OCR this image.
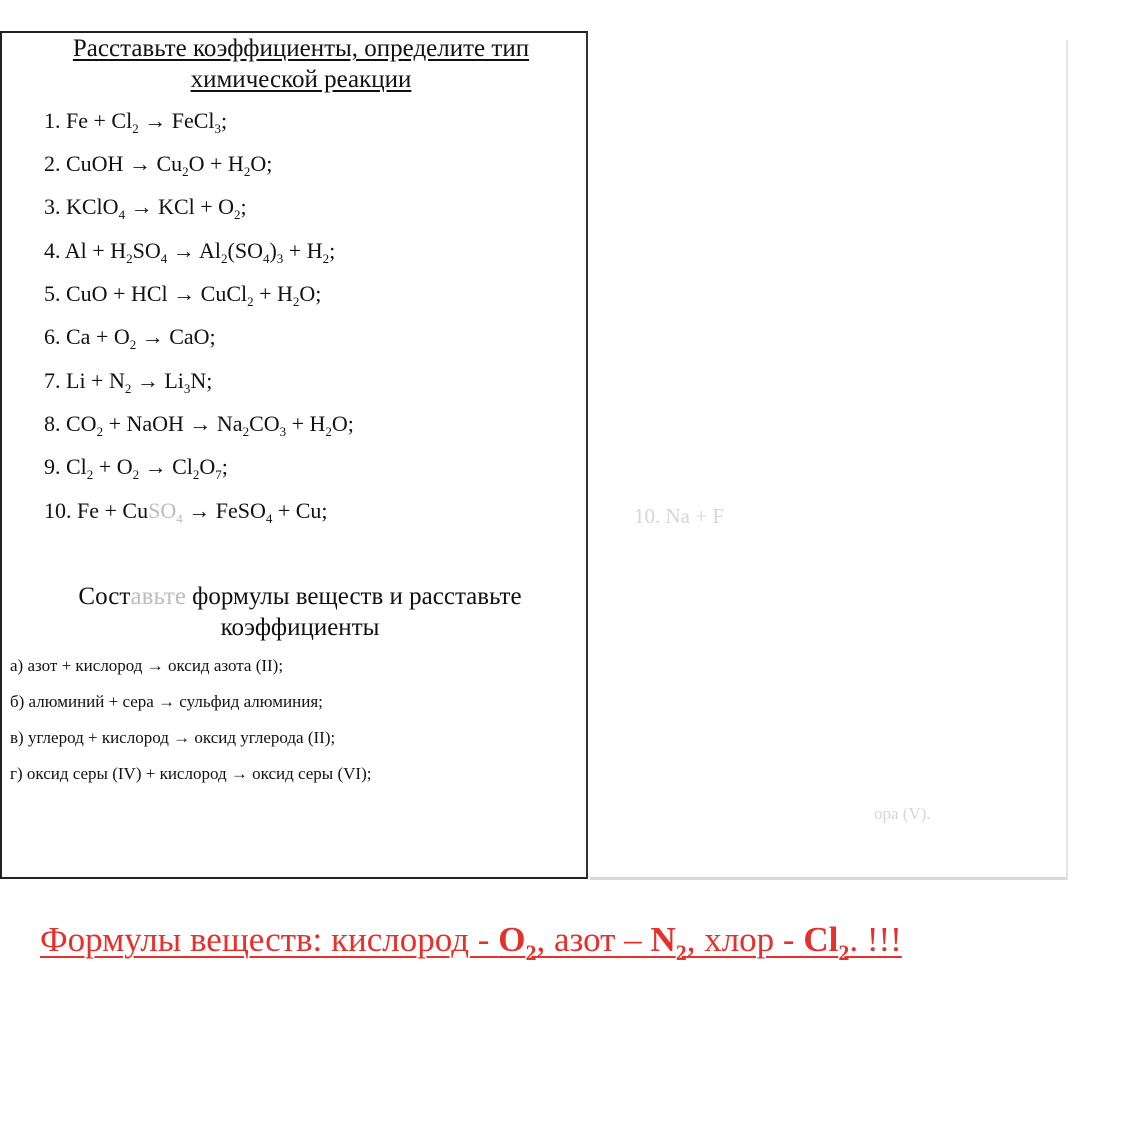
10. Na + F
ора (V).
Расставьте коэффициенты, определите тип
химической реакции
1. $Fe + Cl_2$ → FeCl$_3$;
2. CuOH → $Cu_2O + H_2O$;
3. KClO$_4$ → KCl + $O_2$;
4. $Al + H_2SO_4 \to Al_2(SO_4)_3 + H_2$;
5. CuO + HCl → CuCl$_2$ + $H_2O$;
6. $Ca + O_2$ → CaO;
7. $Li + N_2 \to Li_3N$;
8. $CO_2$ + NaOH → $Na_2CO_3 + H_2O$;
9. $Cl_2 + O_2 \to Cl_2O_7$;
10. Fe + CuSO$_4$ → FeSO$_4$ + Cu;
Составьте формулы веществ и расставьте
коэффициенты
а) азот + кислород → оксид азота (II);
б) алюминий + сера → сульфид алюминия;
в) углерод + кислород → оксид углерода (II);
г) оксид серы (IV) + кислород → оксид серы (VI);
Формулы веществ: кислород - $O_2$, азот – $N_2$, хлор - $Cl_2$. !!!
